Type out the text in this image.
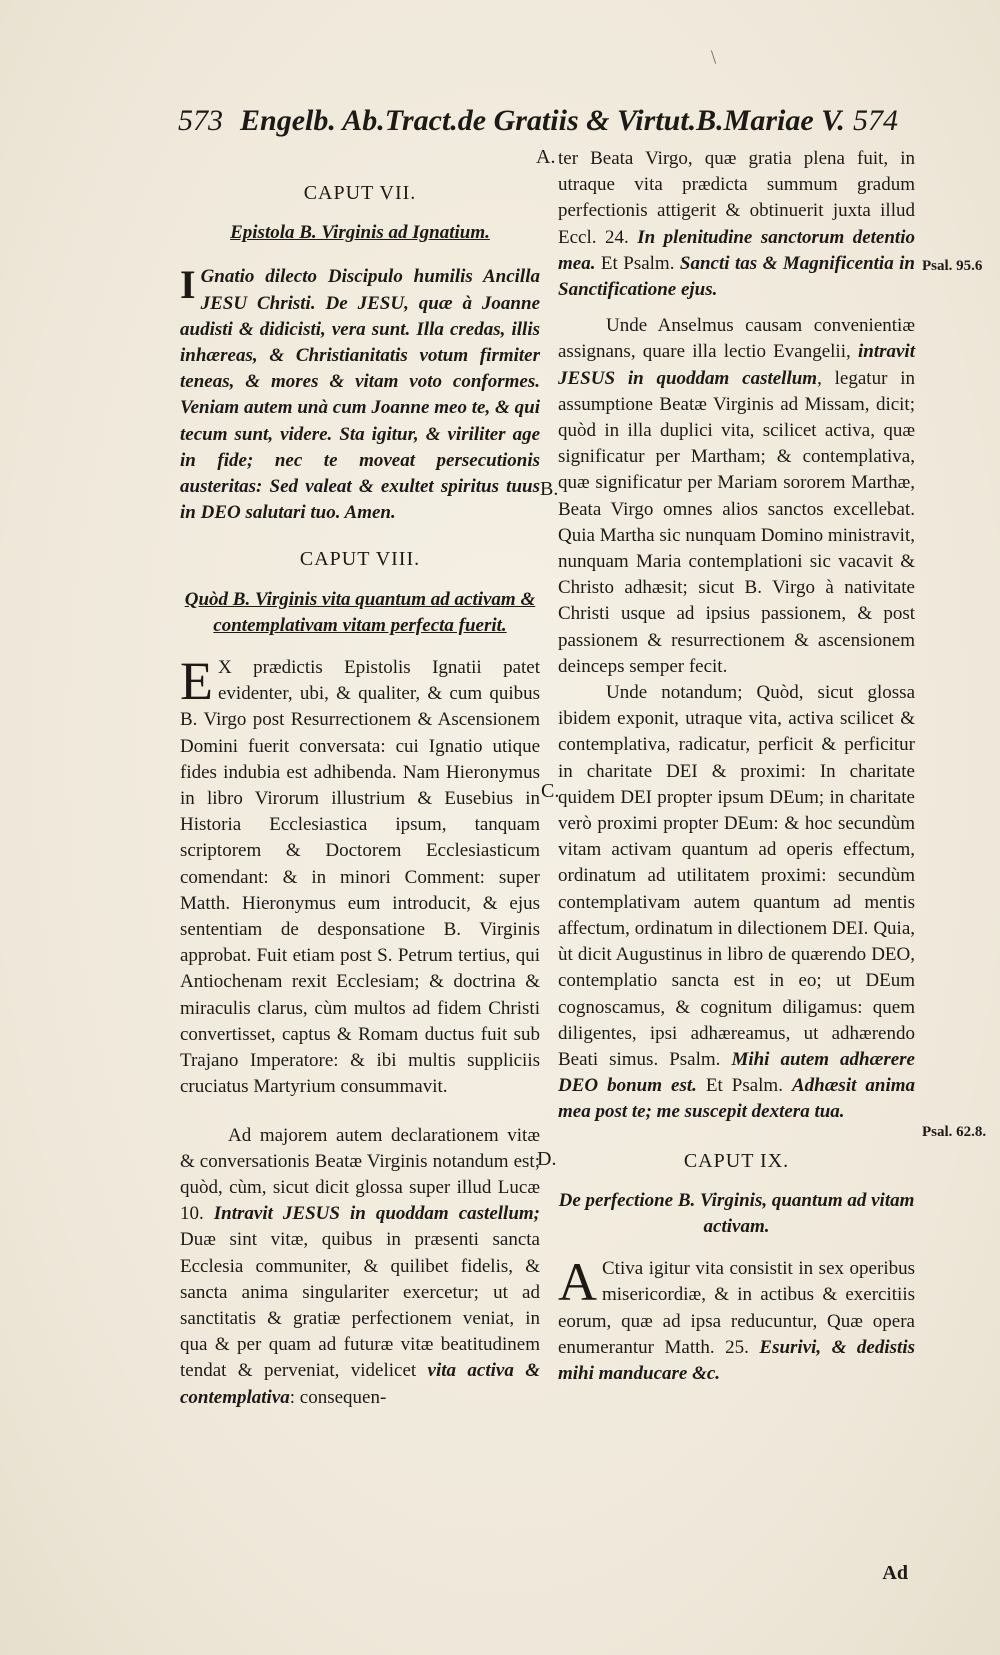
573 Engelb. Ab.Tract.de Gratiis & Virtut.B.Mariae V. 574
CAPUT VII.
Epistola B. Virginis ad Ignatium.

I Gnatio dilecto Discipulo humilis Ancilla JESU Christi. De JESU, quæ à Joanne audisti & didicisti, vera sunt. Illa credas, illis inhæreas, & Christianitatis votum firmiter teneas, & mores & vitam voto conformes. Veniam autem unà cum Joanne meo te, & qui tecum sunt, videre. Sta igitur, & viriliter age in fide; nec te moveat persecutionis austeritas: Sed valeat & exultet spiritus tuus in DEO salutari tuo. Amen.

CAPUT VIII.
Quòd B. Virginis vita quantum ad activam & contemplativam vitam perfecta fuerit.

E X prædictis Epistolis Ignatii patet evidenter, ubi, & qualiter, & cum quibus B. Virgo post Resurrectionem & Ascensionem Domini fuerit conversata: cui Ignatio utique fides indubia est adhibenda. Nam Hieronymus in libro Virorum illustrium & Eusebius in Historia Ecclesiastica ipsum, tanquam scriptorem & Doctorem Ecclesiasticum comendant: & in minori Comment: super Matth. Hieronymus eum introducit, & ejus sententiam de desponsatione B. Virginis approbat. Fuit etiam post S. Petrum tertius, qui Antiochenam rexit Ecclesiam; & doctrina & miraculis clarus, cùm multos ad fidem Christi convertisset, captus & Romam ductus fuit sub Trajano Imperatore: & ibi multis suppliciis cruciatus Martyrium consummavit.

Ad majorem autem declarationem vitæ & conversationis Beatæ Virginis notandum est; quòd, cùm, sicut dicit glossa super illud Lucæ 10. Intravit JESUS in quoddam castellum; Duæ sint vitæ, quibus in præsenti sancta Ecclesia communiter, & quilibet fidelis, & sancta anima singulariter exercetur; ut ad sanctitatis & gratiæ perfectionem veniat, in qua & per quam ad futuræ vitæ beatitudinem tendat & perveniat, videlicet vita activa & contemplativa: consequen-

ter Beata Virgo, quæ gratia plena fuit, in utraque vita prædicta summum gradum perfectionis attigerit & obtinuerit juxta illud Eccl. 24. In plenitudine sanctorum detentio mea. Et Psalm. Sancti tas & Magnificentia in Sanctificatione ejus.

Unde Anselmus causam convenientiæ assignans, quare illa lectio Evangelii, intravit JESUS in quoddam castellum, legatur in assumptione Beatæ Virginis ad Missam, dicit; quòd in illa duplici vita, scilicet activa, quæ significatur per Martham; & contemplativa, quæ significatur per Mariam sororem Marthæ, Beata Virgo omnes alios sanctos excellebat. Quia Martha sic nunquam Domino ministravit, nunquam Maria contemplationi sic vacavit & Christo adhæsit; sicut B. Virgo à nativitate Christi usque ad ipsius passionem, & post passionem & resurrectionem & ascensionem deinceps semper fecit.

Unde notandum; Quòd, sicut glossa ibidem exponit, utraque vita, activa scilicet & contemplativa, radicatur, perficit & perficitur in charitate DEI & proximi: In charitate quidem DEI propter ipsum DEum; in charitate verò proximi propter DEum: & hoc secundùm vitam activam quantum ad operis effectum, ordinatum ad utilitatem proximi: secundùm contemplativam autem quantum ad mentis affectum, ordinatum in dilectionem DEI. Quia, ùt dicit Augustinus in libro de quærendo DEO, contemplatio sancta est in eo; ut DEum cognoscamus, & cognitum diligamus: quem diligentes, ipsi adhæreamus, ut adhærendo Beati simus. Psalm. Mihi autem adhærere DEO bonum est. Et Psalm. Adhæsit anima mea post te; me suscepit dextera tua.

CAPUT IX.
De perfectione B. Virginis, quantum ad vitam activam.

A Ctiva igitur vita consistit in sex operibus misericordiæ, & in actibus & exercitiis eorum, quæ ad ipsa reducuntur, Quæ opera enumerantur Matth. 25. Esurivi, & dedistis mihi manducare &c.

A.
B.
C.
D.
Psal. 95.6
Psal. 62.8.
Ad
